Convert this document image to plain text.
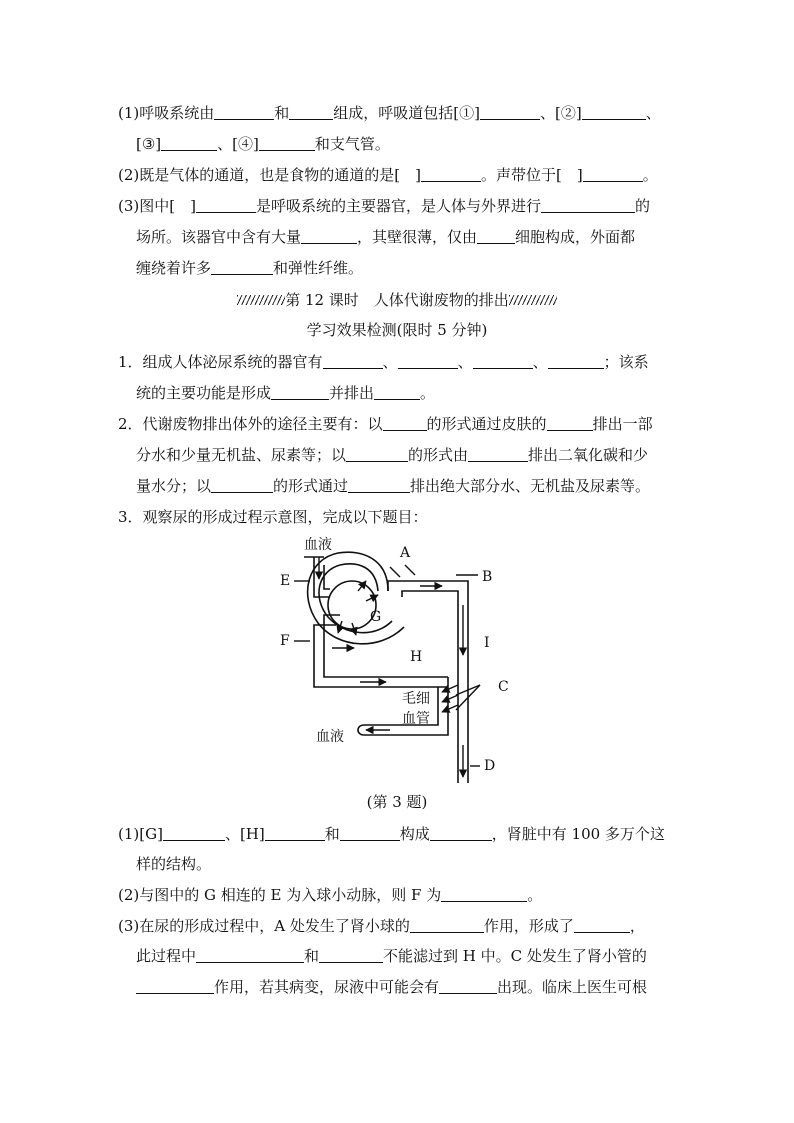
(1)呼吸系统由	和	组成，呼吸道包括[①]	、[②]	、
[③]	、[④]	和支气管。
(2)既是气体的通道，也是食物的通道的是[　]	。声带位于[　]	。
(3)图中[　]	是呼吸系统的主要器官，是人体与外界进行	的
场所。该器官中含有大量	，其壁很薄，仅由	细胞构成，外面都
缠绕着许多	和弹性纤维。
第 12 课时　人体代谢废物的排出
学习效果检测(限时 5 分钟)
1．组成人体泌尿系统的器官有	、	、	、	；该系
统的主要功能是形成	并排出	。
2．代谢废物排出体外的途径主要有：以	的形式通过皮肤的	排出一部
分水和少量无机盐、尿素等；以	的形式由	排出二氧化碳和少
量水分；以	的形式通过	排出绝大部分水、无机盐及尿素等。
3．观察尿的形成过程示意图，完成以下题目：
血液	A
B
E
G
F	I
H
C
毛细
血管
血液
D
(第 3 题)
(1)[G]	、[H]	和	构成	，肾脏中有 100 多万个这
样的结构。
(2)与图中的 G 相连的 E 为入球小动脉，则 F 为	。
(3)在尿的形成过程中，A 处发生了肾小球的	作用，形成了	，
此过程中	和	不能滤过到 H 中。C 处发生了肾小管的
作用，若其病变，尿液中可能会有	出现。临床上医生可根
